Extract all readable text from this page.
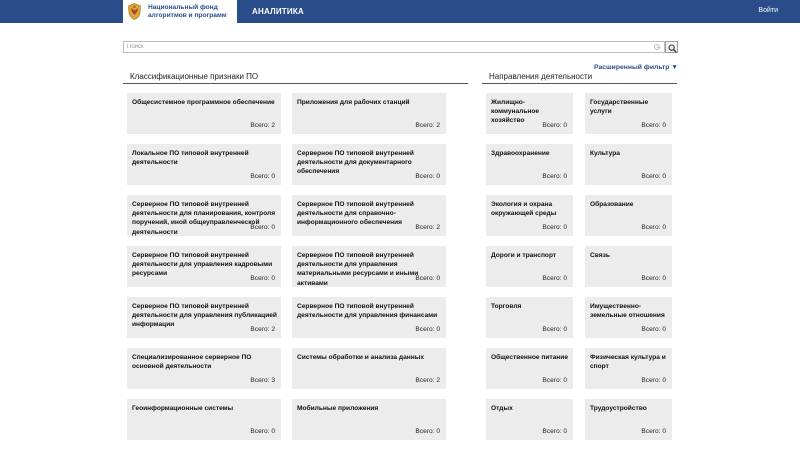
Национальный фонд
алгоритмов и программ	АНАЛИТИКА	Войти
Поиск
Расширенный фильтр ▼
Классификационные признаки ПО	Направления деятельности
Общесистемное программное обеспечение
Всего: 2
Приложения для рабочих станций
Всего: 2
Локальное ПО типовой внутренней деятельности
Всего: 0
Серверное ПО типовой внутренней деятельности для документарного обеспечения
Всего: 0
Серверное ПО типовой внутренней деятельности для планирования, контроля поручений, иной общеуправленческой деятельности
Всего: 0
Серверное ПО типовой внутренней деятельности для справочно-информационного обеспечения
Всего: 2
Серверное ПО типовой внутренней деятельности для управления кадровыми ресурсами
Всего: 0
Серверное ПО типовой внутренней деятельности для управления материальными ресурсами и иными активами
Всего: 0
Серверное ПО типовой внутренней деятельности для управления публикацией информации
Всего: 2
Серверное ПО типовой внутренней деятельности для управления финансами
Всего: 0
Специализированное серверное ПО основной деятельности
Всего: 3
Системы обработки и анализа данных
Всего: 2
Геоинформационные системы
Всего: 0
Мобильные приложения
Всего: 0
Жилищно-коммунальное хозяйство
Всего: 0
Государственные услуги
Всего: 0
Здравоохранение
Всего: 0
Культура
Всего: 0
Экология и охрана окружающей среды
Всего: 0
Образование
Всего: 0
Дороги и транспорт
Всего: 0
Связь
Всего: 0
Торговля
Всего: 0
Имущественно-земельные отношения
Всего: 0
Общественное питание
Всего: 0
Физическая культура и спорт
Всего: 0
Отдых
Всего: 0
Трудоустройство
Всего: 0
